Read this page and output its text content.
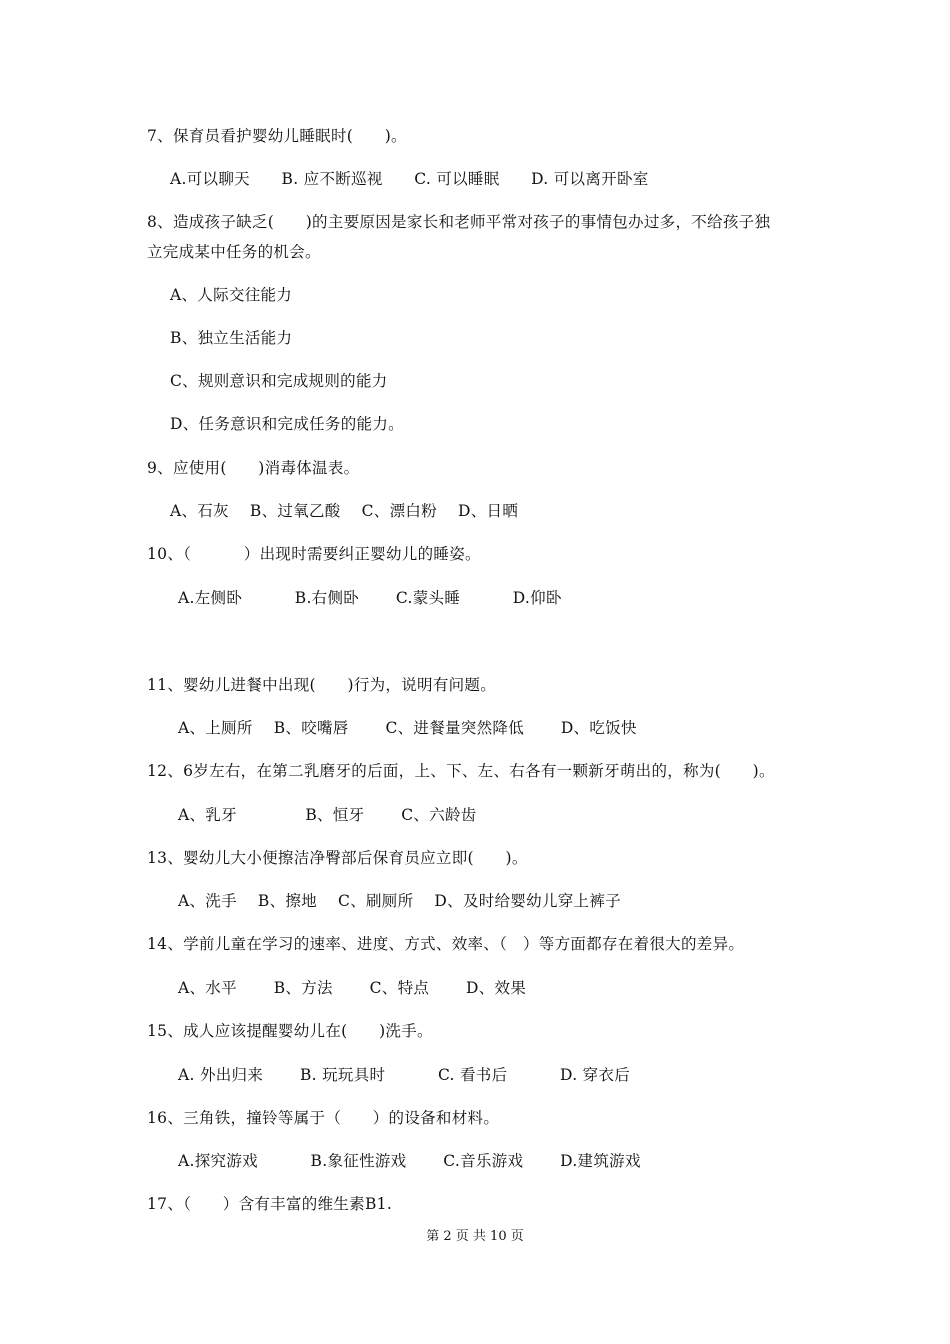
7、保育员看护婴幼儿睡眠时(　　)。
A.可以聊天　　B. 应不断巡视　　C. 可以睡眠　　D. 可以离开卧室
8、造成孩子缺乏(　　)的主要原因是家长和老师平常对孩子的事情包办过多，不给孩子独
立完成某中任务的机会。
A、人际交往能力
B、独立生活能力
C、规则意识和完成规则的能力
D、任务意识和完成任务的能力。
9、应使用(　　)消毒体温表。
A、石灰　 B、过氧乙酸　 C、漂白粉　 D、日晒
10、（　　　 ）出现时需要纠正婴幼儿的睡姿。
A.左侧卧　　　 B.右侧卧　　 C.蒙头睡　　　 D.仰卧
11、婴幼儿进餐中出现(　　)行为，说明有问题。
A、上厕所　 B、咬嘴唇　　 C、进餐量突然降低　　 D、吃饭快
12、6岁左右，在第二乳磨牙的后面，上、下、左、右各有一颗新牙萌出的，称为(　　)。
A、乳牙　　　　 B、恒牙　　 C、六龄齿
13、婴幼儿大小便擦洁净臀部后保育员应立即(　　)。
A、洗手　 B、擦地　 C、刷厕所　 D、及时给婴幼儿穿上裤子
14、学前儿童在学习的速率、进度、方式、效率、（　）等方面都存在着很大的差异。
A、水平　　 B、方法　　 C、特点　　 D、效果
15、成人应该提醒婴幼儿在(　　)洗手。
A. 外出归来　　 B. 玩玩具时　　　 C. 看书后　　　 D. 穿衣后
16、三角铁，撞铃等属于（　　）的设备和材料。
A.探究游戏　　　 B.象征性游戏　　 C.音乐游戏　　 D.建筑游戏
17、（　　）含有丰富的维生素B1.
第 2 页 共 10 页
